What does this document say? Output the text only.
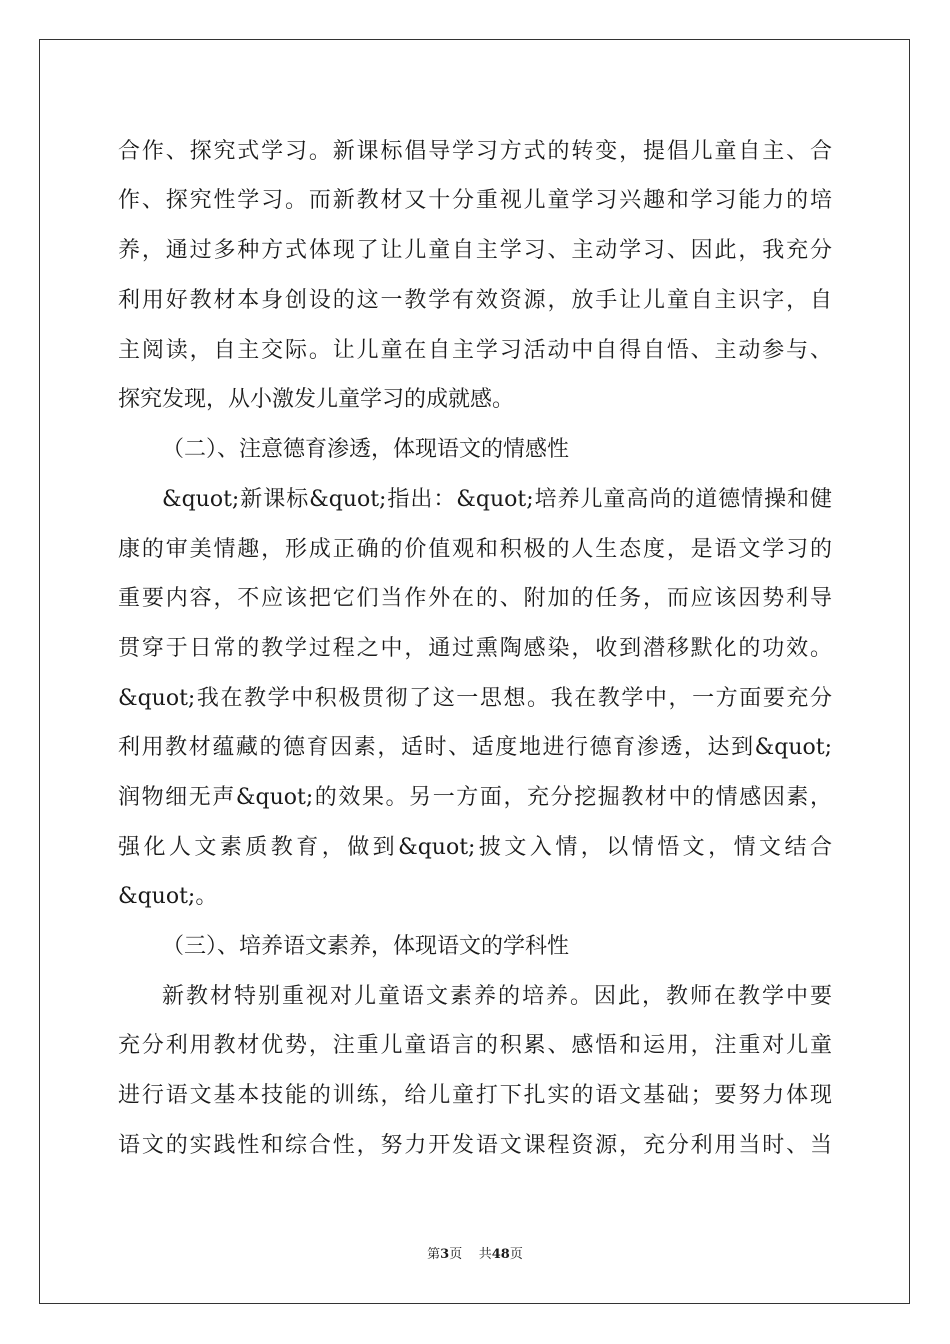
合作、探究式学习。新课标倡导学习方式的转变，提倡儿童自主、合
作、探究性学习。而新教材又十分重视儿童学习兴趣和学习能力的培
养，通过多种方式体现了让儿童自主学习、主动学习、因此，我充分
利用好教材本身创设的这一教学有效资源，放手让儿童自主识字，自
主阅读，自主交际。让儿童在自主学习活动中自得自悟、主动参与、
探究发现，从小激发儿童学习的成就感。
（二）、注意德育渗透，体现语文的情感性
&quot;新课标&quot;指出：&quot;培养儿童高尚的道德情操和健
康的审美情趣，形成正确的价值观和积极的人生态度，是语文学习的
重要内容，不应该把它们当作外在的、附加的任务，而应该因势利导
贯穿于日常的教学过程之中，通过熏陶感染，收到潜移默化的功效。
&quot;我在教学中积极贯彻了这一思想。我在教学中，一方面要充分
利用教材蕴藏的德育因素，适时、适度地进行德育渗透，达到&quot;
润物细无声&quot;的效果。另一方面，充分挖掘教材中的情感因素，
强化人文素质教育，做到&quot;披文入情，以情悟文，情文结合
&quot;。
（三）、培养语文素养，体现语文的学科性
新教材特别重视对儿童语文素养的培养。因此，教师在教学中要
充分利用教材优势，注重儿童语言的积累、感悟和运用，注重对儿童
进行语文基本技能的训练，给儿童打下扎实的语文基础；要努力体现
语文的实践性和综合性，努力开发语文课程资源，充分利用当时、当
第3页 共48页
